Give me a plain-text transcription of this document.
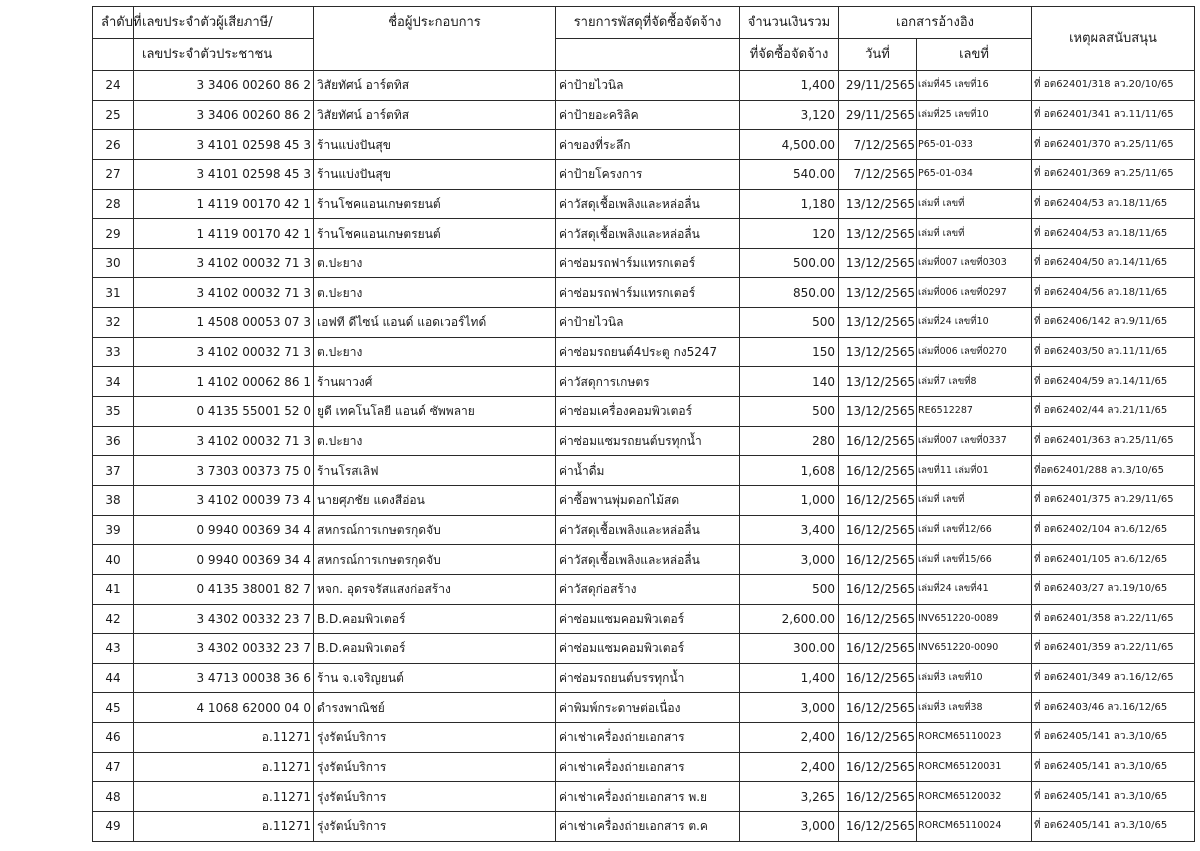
ลำดับที่	เลขประจำตัวผู้เสียภาษี/	ชื่อผู้ประกอบการ	รายการพัสดุที่จัดซื้อจัดจ้าง	จำนวนเงินรวม	เอกสารอ้างอิง		เหตุผลสนับสนุน
	เลขประจำตัวประชาชน			ที่จัดซื้อจัดจ้าง	วันที่	เลขที่	
24	3 3406 00260 86 2	วิสัยทัศน์ อาร์ตทิส	ค่าป้ายไวนิล	1,400	29/11/2565	เล่มที่45 เลขที่16	ที่ อต62401/318 ลว.20/10/65
25	3 3406 00260 86 2	วิสัยทัศน์ อาร์ตทิส	ค่าป้ายอะคริลิค	3,120	29/11/2565	เล่มที่25 เลขที่10	ที่ อต62401/341 ลว.11/11/65
26	3 4101 02598 45 3	ร้านแบ่งปันสุข	ค่าของที่ระลึก	4,500.00	7/12/2565	P65-01-033	ที่ อต62401/370 ลว.25/11/65
27	3 4101 02598 45 3	ร้านแบ่งปันสุข	ค่าป้ายโครงการ	540.00	7/12/2565	P65-01-034	ที่ อต62401/369 ลว.25/11/65
28	1 4119 00170 42 1	ร้านโชคแอนเกษตรยนต์	ค่าวัสดุเชื้อเพลิงและหล่อลื่น	1,180	13/12/2565	เล่มที่ เลขที่	ที่ อต62404/53 ลว.18/11/65
29	1 4119 00170 42 1	ร้านโชคแอนเกษตรยนต์	ค่าวัสดุเชื้อเพลิงและหล่อลื่น	120	13/12/2565	เล่มที่ เลขที่	ที่ อต62404/53 ลว.18/11/65
30	3 4102 00032 71 3	ต.ปะยาง	ค่าซ่อมรถฟาร์มแทรกเตอร์	500.00	13/12/2565	เล่มที่007 เลขที่0303	ที่ อต62404/50 ลว.14/11/65
31	3 4102 00032 71 3	ต.ปะยาง	ค่าซ่อมรถฟาร์มแทรกเตอร์	850.00	13/12/2565	เล่มที่006 เลขที่0297	ที่ อต62404/56 ลว.18/11/65
32	1 4508 00053 07 3	เอฟที ดีไซน์ แอนด์ แอดเวอร์ไทด์	ค่าป้ายไวนิล	500	13/12/2565	เล่มที่24 เลขที่10	ที่ อต62406/142 ลว.9/11/65
33	3 4102 00032 71 3	ต.ปะยาง	ค่าซ่อมรถยนต์4ประตู กง5247	150	13/12/2565	เล่มที่006 เลขที่0270	ที่ อต62403/50 ลว.11/11/65
34	1 4102 00062 86 1	ร้านผาวงศ์	ค่าวัสดุการเกษตร	140	13/12/2565	เล่มที่7 เลขที่8	ที่ อต62404/59 ลว.14/11/65
35	0 4135 55001 52 0	ยูดี เทคโนโลยี แอนด์ ซัพพลาย	ค่าซ่อมเครื่องคอมพิวเตอร์	500	13/12/2565	RE6512287	ที่ อต62402/44 ลว.21/11/65
36	3 4102 00032 71 3	ต.ปะยาง	ค่าซ่อมแซมรถยนต์บรทุกน้ำ	280	16/12/2565	เล่มที่007 เลขที่0337	ที่ อต62401/363 ลว.25/11/65
37	3 7303 00373 75 0	ร้านโรสเลิฟ	ค่าน้ำดื่ม	1,608	16/12/2565	เลขที่11 เล่มที่01	ที่อต62401/288 ลว.3/10/65
38	3 4102 00039 73 4	นายศุภชัย แดงสีอ่อน	ค่าซื้อพานพุ่มดอกไม้สด	1,000	16/12/2565	เล่มที่ เลขที่	ที่ อต62401/375 ลว.29/11/65
39	0 9940 00369 34 4	สหกรณ์การเกษตรกุดจับ	ค่าวัสดุเชื้อเพลิงและหล่อลื่น	3,400	16/12/2565	เล่มที่ เลขที่12/66	ที่ อต62402/104 ลว.6/12/65
40	0 9940 00369 34 4	สหกรณ์การเกษตรกุดจับ	ค่าวัสดุเชื้อเพลิงและหล่อลื่น	3,000	16/12/2565	เล่มที่ เลขที่15/66	ที่ อต62401/105 ลว.6/12/65
41	0 4135 38001 82 7	หจก. อุดรจรัสแสงก่อสร้าง	ค่าวัสดุก่อสร้าง	500	16/12/2565	เล่มที่24 เลขที่41	ที่ อต62403/27 ลว.19/10/65
42	3 4302 00332 23 7	B.D.คอมพิวเตอร์	ค่าซ่อมแซมคอมพิวเตอร์	2,600.00	16/12/2565	INV651220-0089	ที่ อต62401/358 ลว.22/11/65
43	3 4302 00332 23 7	B.D.คอมพิวเตอร์	ค่าซ่อมแซมคอมพิวเตอร์	300.00	16/12/2565	INV651220-0090	ที่ อต62401/359 ลว.22/11/65
44	3 4713 00038 36 6	ร้าน จ.เจริญยนต์	ค่าซ่อมรถยนต์บรรทุกน้ำ	1,400	16/12/2565	เล่มที่3 เลขที่10	ที่ อต62401/349 ลว.16/12/65
45	4 1068 62000 04 0	ดำรงพาณิชย์	ค่าพิมพ์กระดาษต่อเนื่อง	3,000	16/12/2565	เล่มที่3 เลขที่38	ที่ อต62403/46 ลว.16/12/65
46	อ.11271	รุ่งรัตน์บริการ	ค่าเช่าเครื่องถ่ายเอกสาร	2,400	16/12/2565	RORCM65110023	ที่ อต62405/141 ลว.3/10/65
47	อ.11271	รุ่งรัตน์บริการ	ค่าเช่าเครื่องถ่ายเอกสาร	2,400	16/12/2565	RORCM65120031	ที่ อต62405/141 ลว.3/10/65
48	อ.11271	รุ่งรัตน์บริการ	ค่าเช่าเครื่องถ่ายเอกสาร พ.ย	3,265	16/12/2565	RORCM65120032	ที่ อต62405/141 ลว.3/10/65
49	อ.11271	รุ่งรัตน์บริการ	ค่าเช่าเครื่องถ่ายเอกสาร ต.ค	3,000	16/12/2565	RORCM65110024	ที่ อต62405/141 ลว.3/10/65
